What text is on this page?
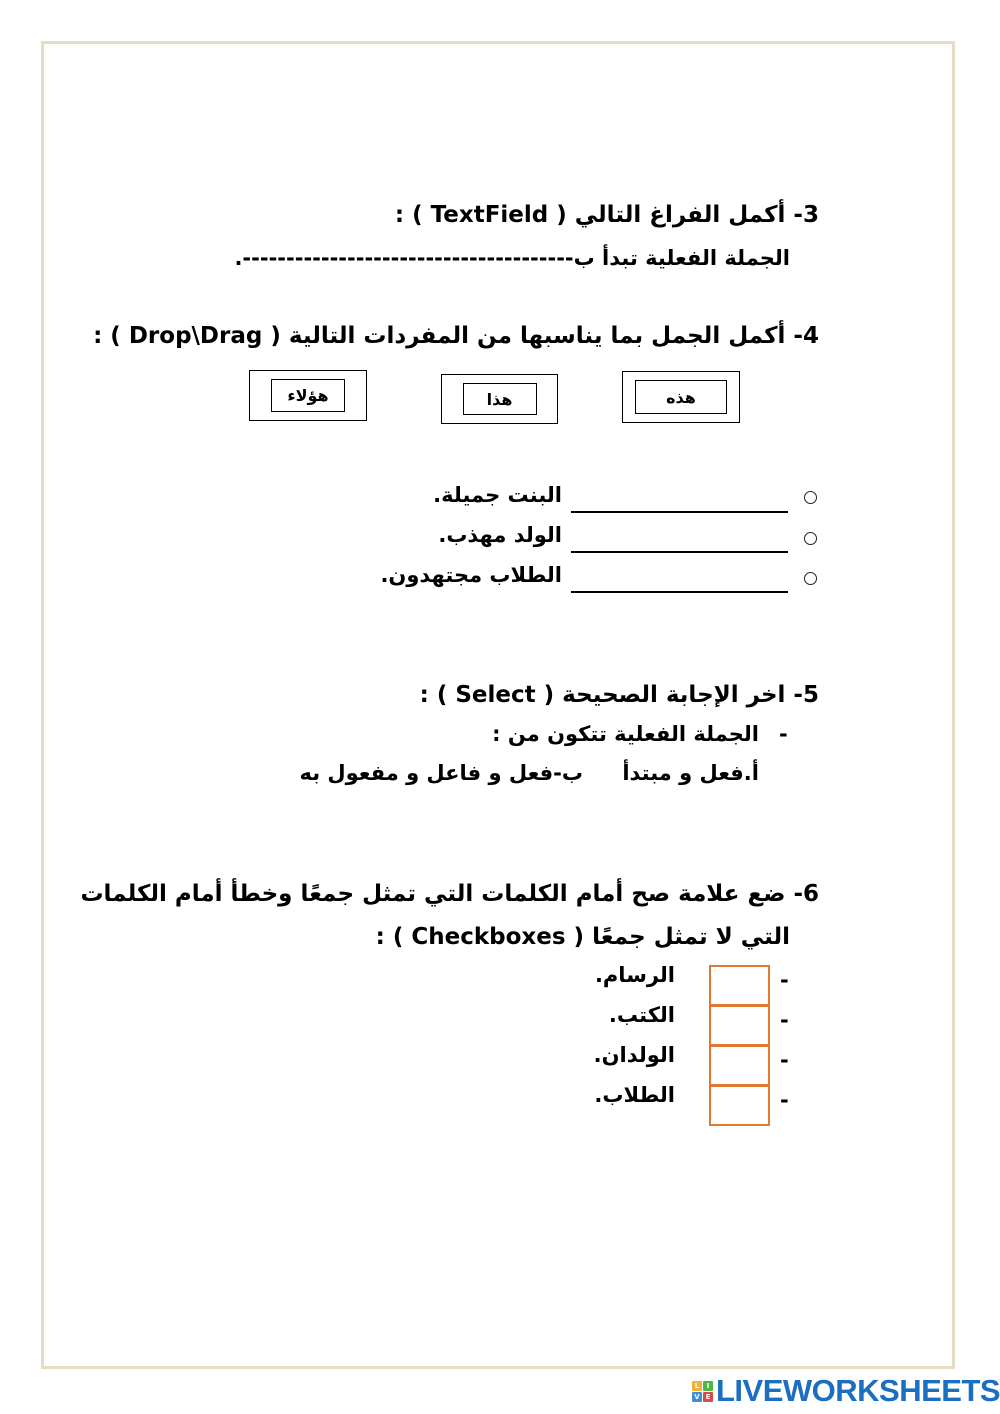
3- أكمل الفراغ التالي ( TextField ) :
الجملة الفعلية تبدأ ب--------------------------------------.
4- أكمل الجمل بما يناسبها من المفردات التالية ( Drop\Drag ) :
هذه
هذا
هؤلاء
البنت جميلة.
الولد مهذب.
الطلاب مجتهدون.
5- اخر الإجابة الصحيحة ( Select ) :
-
الجملة الفعلية تتكون من :
أ.فعل و مبتدأ
ب-فعل و فاعل و مفعول به
6- ضع علامة صح أمام الكلمات التي تمثل جمعًا وخطأ أمام الكلمات
التي لا تمثل جمعًا ( Checkboxes ) :
-
-
-
-
الرسام.
الكتب.
الولدان.
الطلاب.
L	I
V E LIVEWORKSHEETS
